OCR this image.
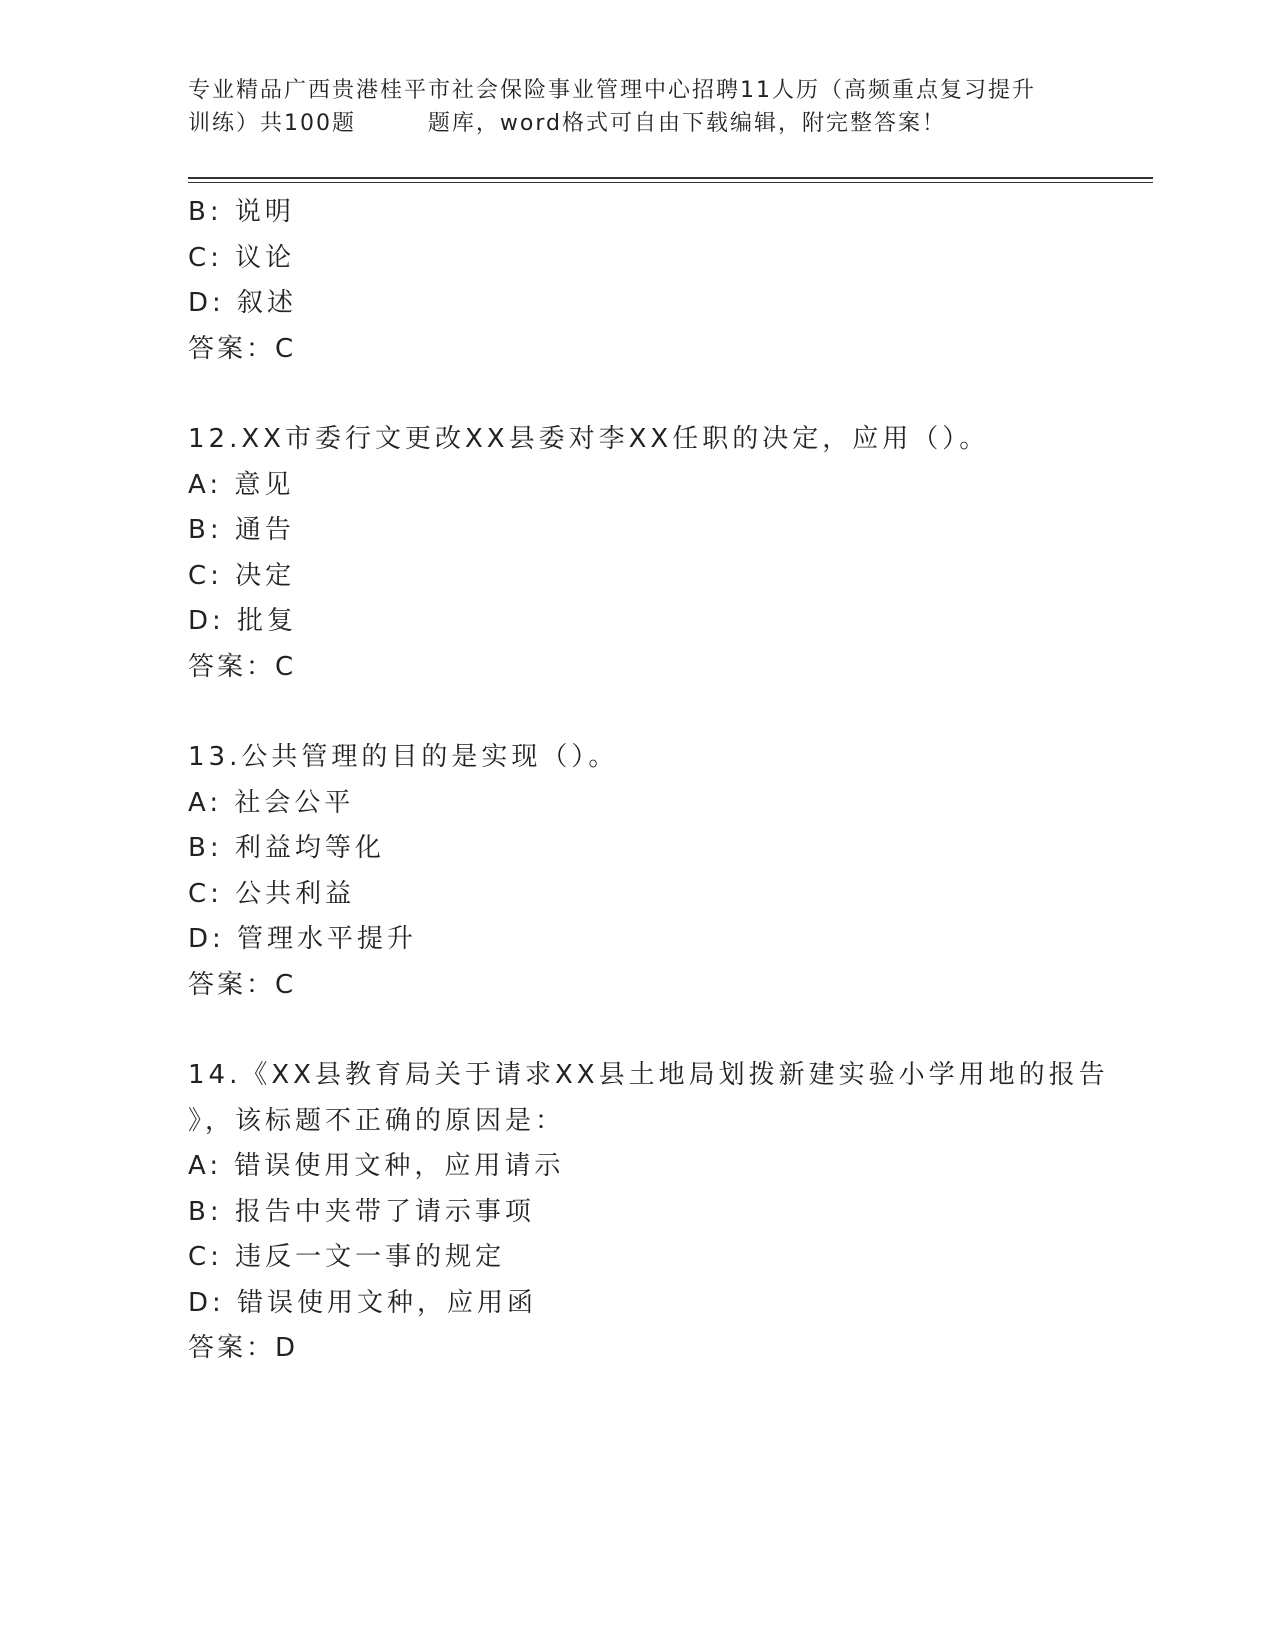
专业精品广西贵港桂平市社会保险事业管理中心招聘11人历（高频重点复习提升
训练）共100题        题库，word格式可自由下载编辑，附完整答案！
B: 说明
C: 议论
D: 叙述
答案：C
12.XX市委行文更改XX县委对李XX任职的决定，应用（）。
A: 意见
B: 通告
C: 决定
D: 批复
答案：C
13.公共管理的目的是实现（）。
A: 社会公平
B: 利益均等化
C: 公共利益
D: 管理水平提升
答案：C
14.《XX县教育局关于请求XX县土地局划拨新建实验小学用地的报告
》，该标题不正确的原因是：
A: 错误使用文种，应用请示
B: 报告中夹带了请示事项
C: 违反一文一事的规定
D: 错误使用文种，应用函
答案：D
